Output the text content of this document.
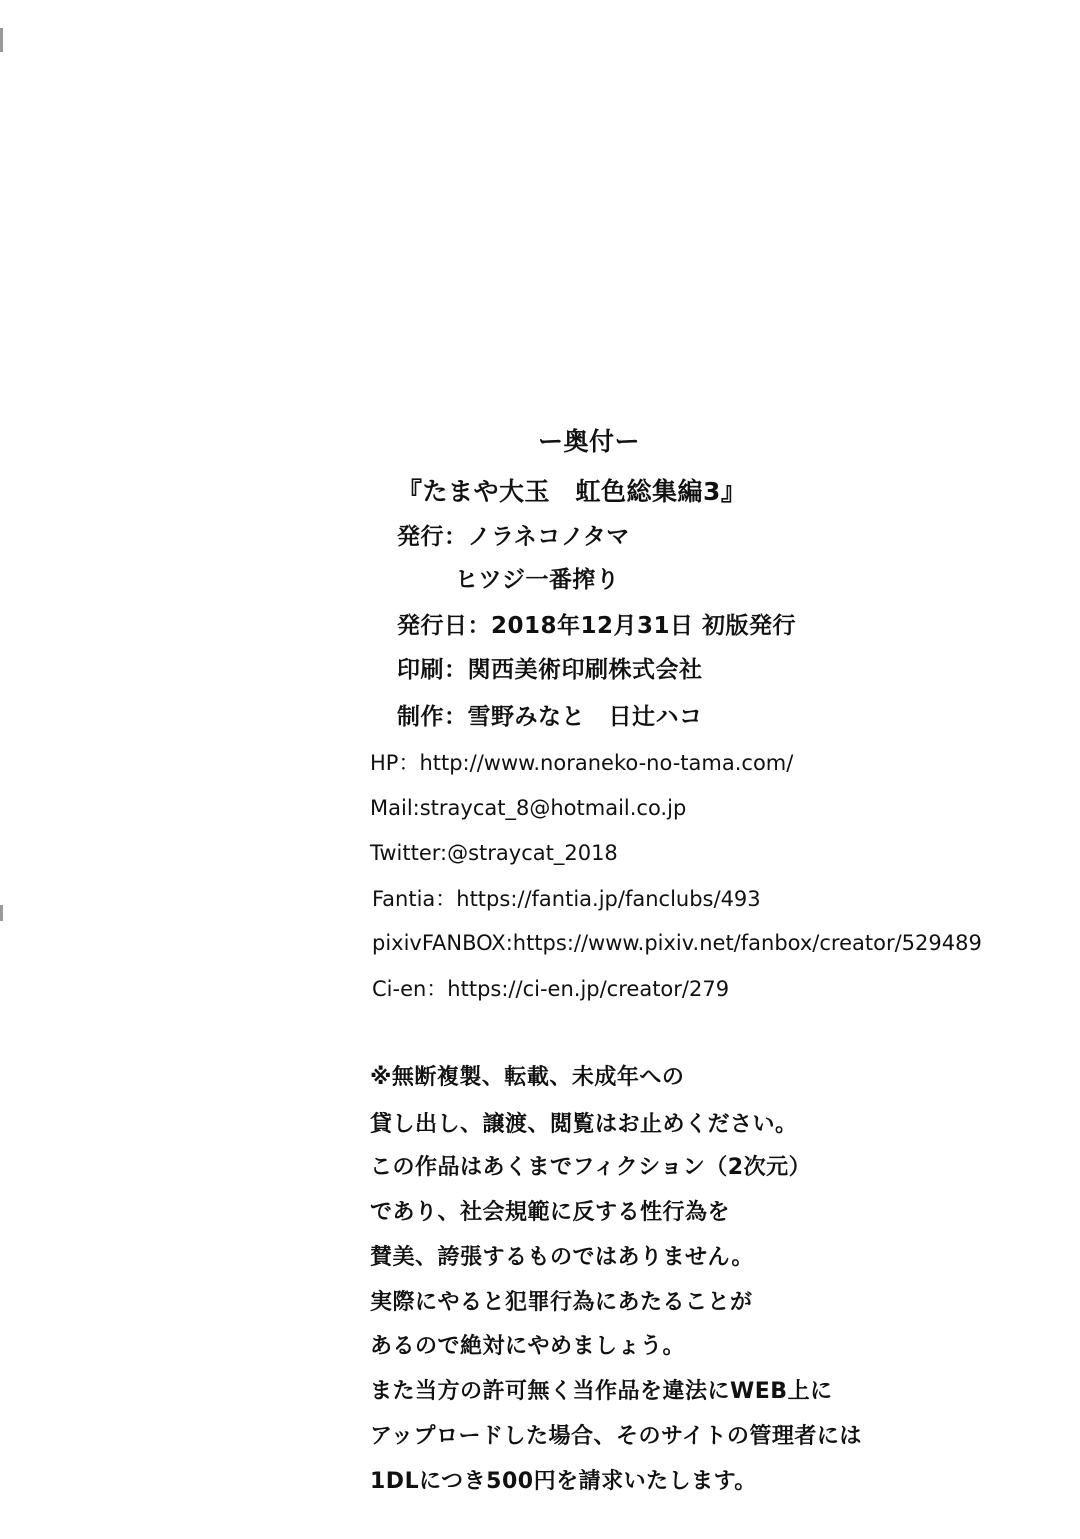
ー奥付ー
『たまや大玉　虹色総集編3』
発行：ノラネコノタマ
ヒツジ一番搾り
発行日：2018年12月31日 初版発行
印刷：関西美術印刷株式会社
制作：雪野みなと　日辻ハコ
HP：http://www.noraneko-no-tama.com/
Mail:straycat_8@hotmail.co.jp
Twitter:@straycat_2018
Fantia：https://fantia.jp/fanclubs/493
pixivFANBOX:https://www.pixiv.net/fanbox/creator/529489
Ci-en：https://ci-en.jp/creator/279
※無断複製、転載、未成年への
貸し出し、譲渡、閲覧はお止めください。
この作品はあくまでフィクション（2次元）
であり、社会規範に反する性行為を
賛美、誇張するものではありません。
実際にやると犯罪行為にあたることが
あるので絶対にやめましょう。
また当方の許可無く当作品を違法にWEB上に
アップロードした場合、そのサイトの管理者には
1DLにつき500円を請求いたします。
